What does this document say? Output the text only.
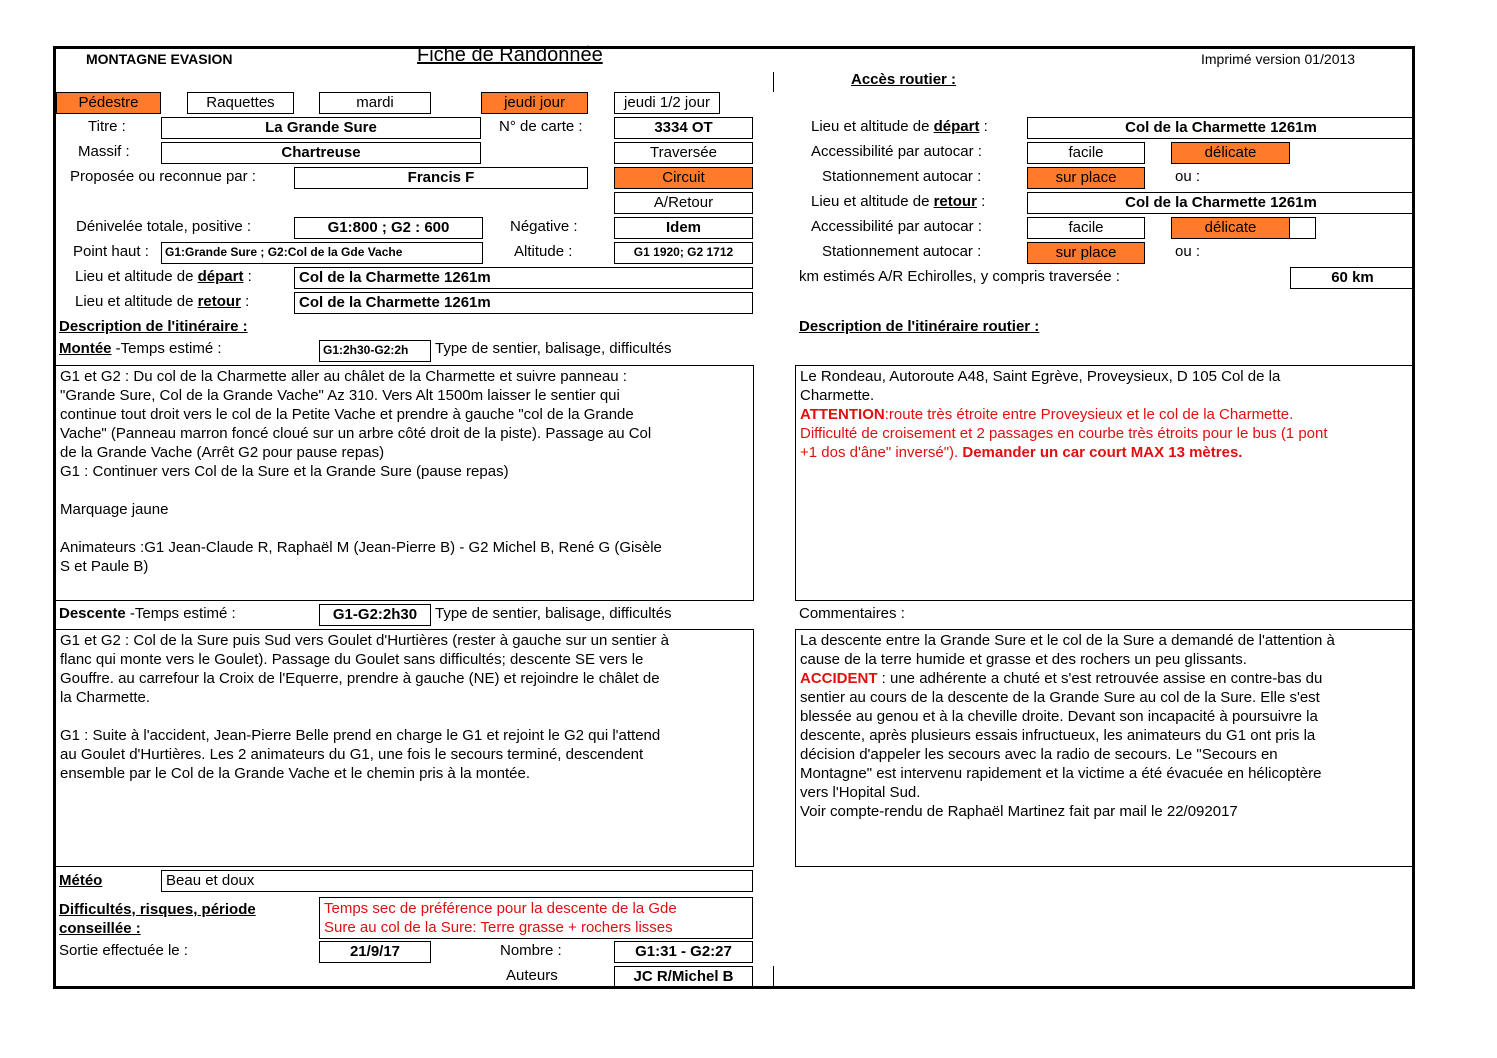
MONTAGNE EVASION	Fiche de Randonnée	Imprimé version 01/2013
Accès routier :
Pédestre	Raquettes	mardi	jeudi jour	jeudi 1/2 jour
Titre :	La Grande Sure	N° de carte :	3334 OT
Massif :	Chartreuse	Traversée
Proposée ou reconnue par :	Francis F	Circuit
A/Retour
Dénivelée totale, positive :	G1:800 ; G2 : 600	Négative :	Idem
Point haut :	G1:Grande Sure ; G2:Col de la Gde Vache	Altitude :	G1 1920; G2 1712
Lieu et altitude de départ :	Col de la Charmette 1261m
Lieu et altitude de retour :	Col de la Charmette 1261m
Lieu et altitude de départ :	Col de la Charmette 1261m
Accessibilité par autocar :	facile	délicate
Stationnement autocar :	sur place	ou :
Lieu et altitude de retour :	Col de la Charmette 1261m
Accessibilité par autocar :	facile	délicate
Stationnement autocar :	sur place	ou :
km estimés A/R Echirolles, y compris traversée :	60 km
Description de l'itinéraire :
Montée -Temps estimé :	G1:2h30-G2:2h	Type de sentier, balisage, difficultés

G1 et G2 : Du col de la Charmette aller au châlet de la Charmette et suivre panneau :

"Grande Sure, Col de la Grande Vache" Az 310. Vers Alt 1500m laisser le sentier qui

continue tout droit vers le col de la Petite Vache et prendre à gauche "col de la Grande

Vache" (Panneau marron foncé cloué sur un arbre côté droit de la piste). Passage au Col

de la Grande Vache (Arrêt G2 pour pause repas)

G1 : Continuer vers Col de la Sure et la Grande Sure (pause repas)

Marquage jaune

Animateurs :G1 Jean-Claude R, Raphaël M (Jean-Pierre B) - G2 Michel B, René G (Gisèle

S et Paule B)

Descente -Temps estimé :	G1-G2:2h30	Type de sentier, balisage, difficultés

G1 et G2 : Col de la Sure puis Sud vers Goulet d'Hurtières (rester à gauche sur un sentier à

flanc qui monte vers le Goulet). Passage du Goulet sans difficultés; descente SE vers le

Gouffre. au carrefour la Croix de l'Equerre, prendre à gauche (NE) et rejoindre le châlet de

la Charmette.

G1 : Suite à l'accident, Jean-Pierre Belle prend en charge le G1 et rejoint le G2 qui l'attend

au Goulet d'Hurtières. Les 2 animateurs du G1, une fois le secours terminé, descendent

ensemble par le Col de la Grande Vache et le chemin pris à la montée.

Description de l'itinéraire routier :

Le Rondeau, Autoroute A48, Saint Egrève, Proveysieux, D 105 Col de la

Charmette.

ATTENTION:route très étroite entre Proveysieux et le col de la Charmette.

Difficulté de croisement et 2 passages en courbe très étroits pour le bus (1 pont

+1 dos d'âne" inversé"). Demander un car court MAX 13 mètres.

Commentaires :

La descente entre la Grande Sure et le col de la Sure a demandé de l'attention à

cause de la terre humide et grasse et des rochers un peu glissants.

ACCIDENT : une adhérente a chuté et s'est retrouvée assise en contre-bas du

sentier au cours de la descente de la Grande Sure au col de la Sure. Elle s'est

blessée au genou et à la cheville droite. Devant son incapacité à poursuivre la

descente, après plusieurs essais infructueux, les animateurs du G1 ont pris la

décision d'appeler les secours avec la radio de secours. Le "Secours en

Montagne" est intervenu rapidement et la victime a été évacuée en hélicoptère

vers l'Hopital Sud.

Voir compte-rendu de Raphaël Martinez fait par mail le 22/092017

Météo	Beau et doux
Difficultés, risques, période
conseillée :

Temps sec de préférence pour la descente de la Gde

Sure au col de la Sure: Terre grasse + rochers lisses

Sortie effectuée le :	21/9/17	Nombre :	G1:31 - G2:27
Auteurs	JC R/Michel B
